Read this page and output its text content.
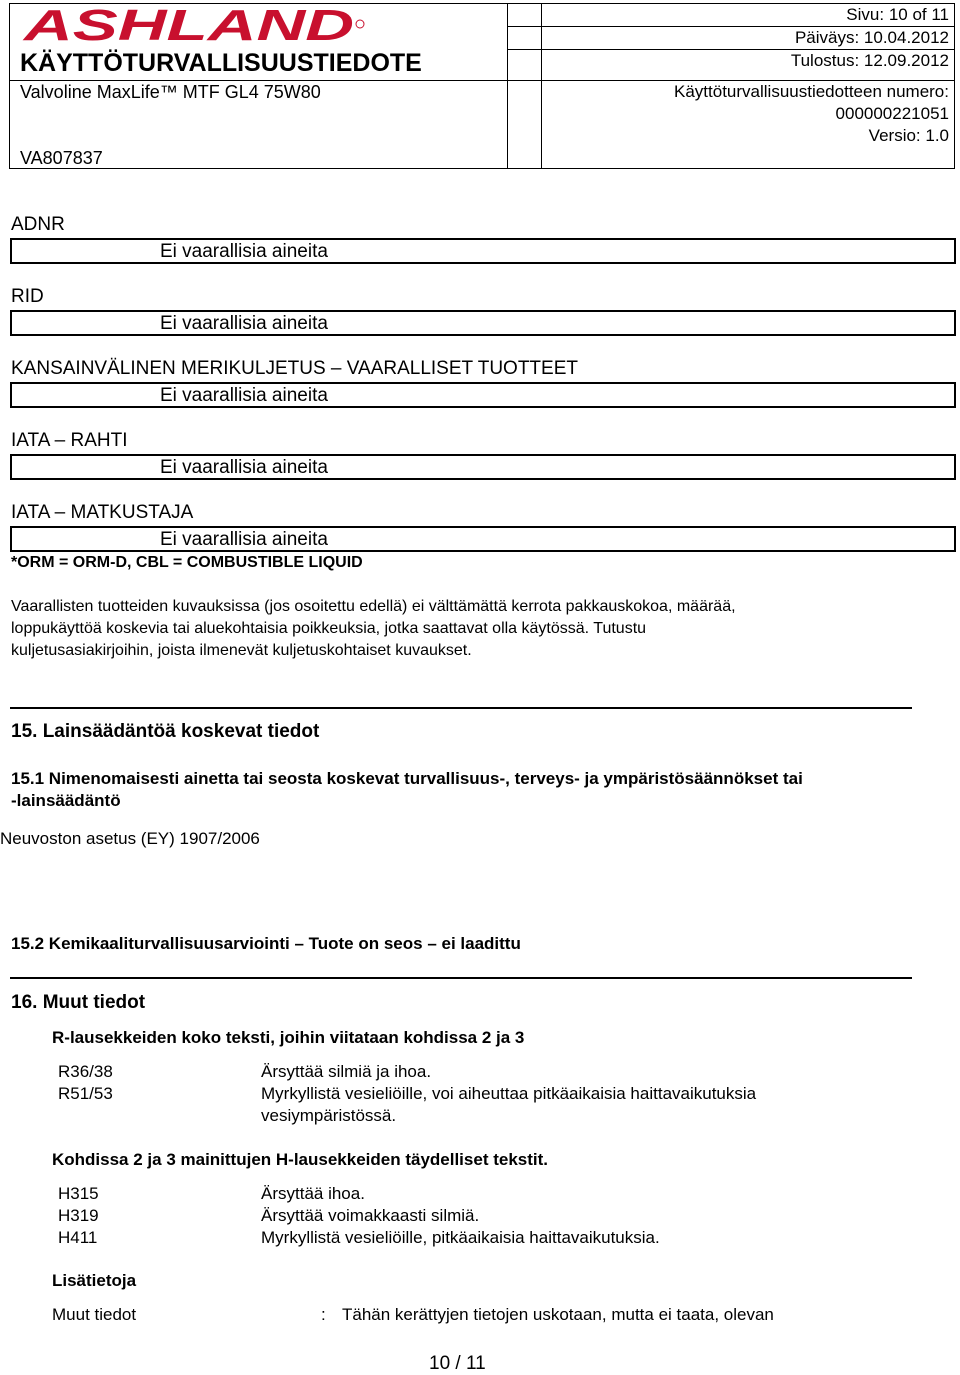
ASHLAND
KÄYTTÖTURVALLISUUSTIEDOTE
Valvoline MaxLife™ MTF GL4 75W80
VA807837
Sivu: 10 of 11
Päiväys: 10.04.2012
Tulostus: 12.09.2012
Käyttöturvallisuustiedotteen numero:
000000221051
Versio: 1.0
ADNR
Ei vaarallisia aineita
RID
Ei vaarallisia aineita
KANSAINVÄLINEN MERIKULJETUS – VAARALLISET TUOTTEET
Ei vaarallisia aineita
IATA – RAHTI
Ei vaarallisia aineita
IATA – MATKUSTAJA
Ei vaarallisia aineita
*ORM = ORM-D, CBL = COMBUSTIBLE LIQUID
Vaarallisten tuotteiden kuvauksissa (jos osoitettu edellä) ei välttämättä kerrota pakkauskokoa, määrää,
loppukäyttöä koskevia tai aluekohtaisia poikkeuksia, jotka saattavat olla käytössä. Tutustu
kuljetusasiakirjoihin, joista ilmenevät kuljetuskohtaiset kuvaukset.
15. Lainsäädäntöä koskevat tiedot
15.1 Nimenomaisesti ainetta tai seosta koskevat turvallisuus-, terveys- ja ympäristösäännökset tai
-lainsäädäntö
Neuvoston asetus (EY) 1907/2006
15.2 Kemikaaliturvallisuusarviointi – Tuote on seos – ei laadittu
16. Muut tiedot
R-lausekkeiden koko teksti, joihin viitataan kohdissa 2 ja 3
R36/38	Ärsyttää silmiä ja ihoa.
R51/53	Myrkyllistä vesieliöille, voi aiheuttaa pitkäaikaisia haittavaikutuksia
vesiympäristössä.
Kohdissa 2 ja 3 mainittujen H-lausekkeiden täydelliset tekstit.
H315	Ärsyttää ihoa.
H319	Ärsyttää voimakkaasti silmiä.
H411	Myrkyllistä vesieliöille, pitkäaikaisia haittavaikutuksia.
Lisätietoja
Muut tiedot	: Tähän kerättyjen tietojen uskotaan, mutta ei taata, olevan
10 / 11
